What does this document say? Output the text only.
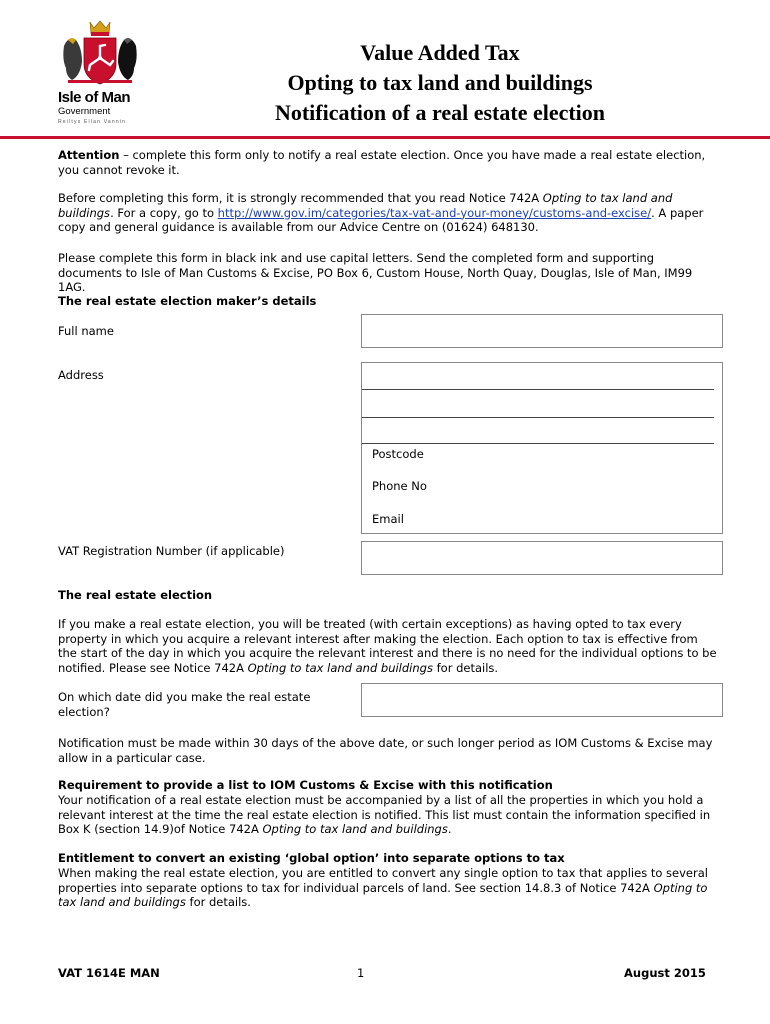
Isle of Man
Government
Reiltys Ellan Vannin
Value Added Tax
Opting to tax land and buildings
Notification of a real estate election
Attention – complete this form only to notify a real estate election. Once you have made a real estate election, you cannot revoke it.
Before completing this form, it is strongly recommended that you read Notice 742A Opting to tax land and buildings. For a copy, go to http://www.gov.im/categories/tax-vat-and-your-money/customs-and-excise/. A paper copy and general guidance is available from our Advice Centre on (01624) 648130.
Please complete this form in black ink and use capital letters. Send the completed form and supporting documents to Isle of Man Customs & Excise, PO Box 6, Custom House, North Quay, Douglas, Isle of Man, IM99 1AG.
The real estate election maker’s details
Full name
Address
Postcode
Phone No
Email
VAT Registration Number (if applicable)
The real estate election
If you make a real estate election, you will be treated (with certain exceptions) as having opted to tax every property in which you acquire a relevant interest after making the election. Each option to tax is effective from the start of the day in which you acquire the relevant interest and there is no need for the individual options to be notified. Please see Notice 742A Opting to tax land and buildings for details.
On which date did you make the real estate election?
Notification must be made within 30 days of the above date, or such longer period as IOM Customs & Excise may allow in a particular case.
Requirement to provide a list to IOM Customs & Excise with this notification
Your notification of a real estate election must be accompanied by a list of all the properties in which you hold a relevant interest at the time the real estate election is notified. This list must contain the information specified in Box K (section 14.9)of Notice 742A Opting to tax land and buildings.
Entitlement to convert an existing ‘global option’ into separate options to tax
When making the real estate election, you are entitled to convert any single option to tax that applies to several properties into separate options to tax for individual parcels of land. See section 14.8.3 of Notice 742A Opting to tax land and buildings for details.
VAT 1614E MAN	1	August 2015
